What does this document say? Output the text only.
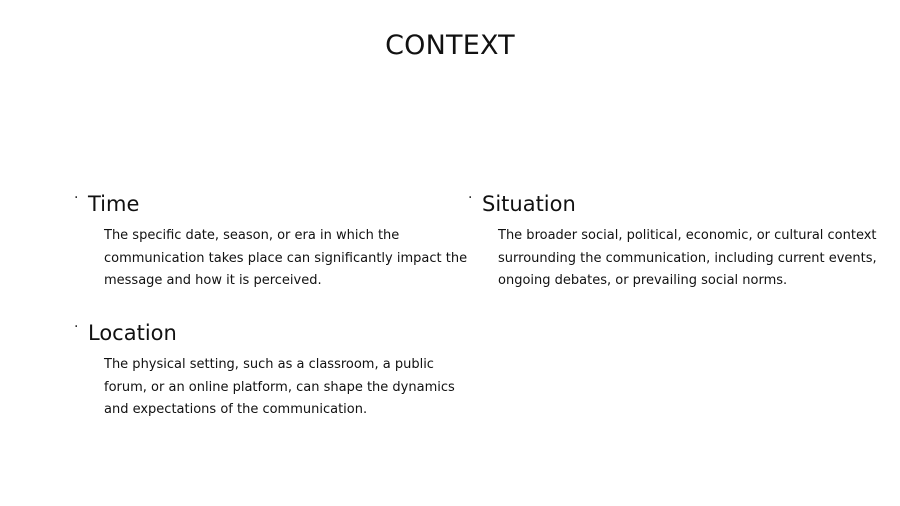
CONTEXT
· Time

The specific date, season, or era in which the communication takes place can significantly impact the message and how it is perceived.

· Situation

The broader social, political, economic, or cultural context surrounding the communication, including current events, ongoing debates, or prevailing social norms.

· Location

The physical setting, such as a classroom, a public forum, or an online platform, can shape the dynamics and expectations of the communication.
